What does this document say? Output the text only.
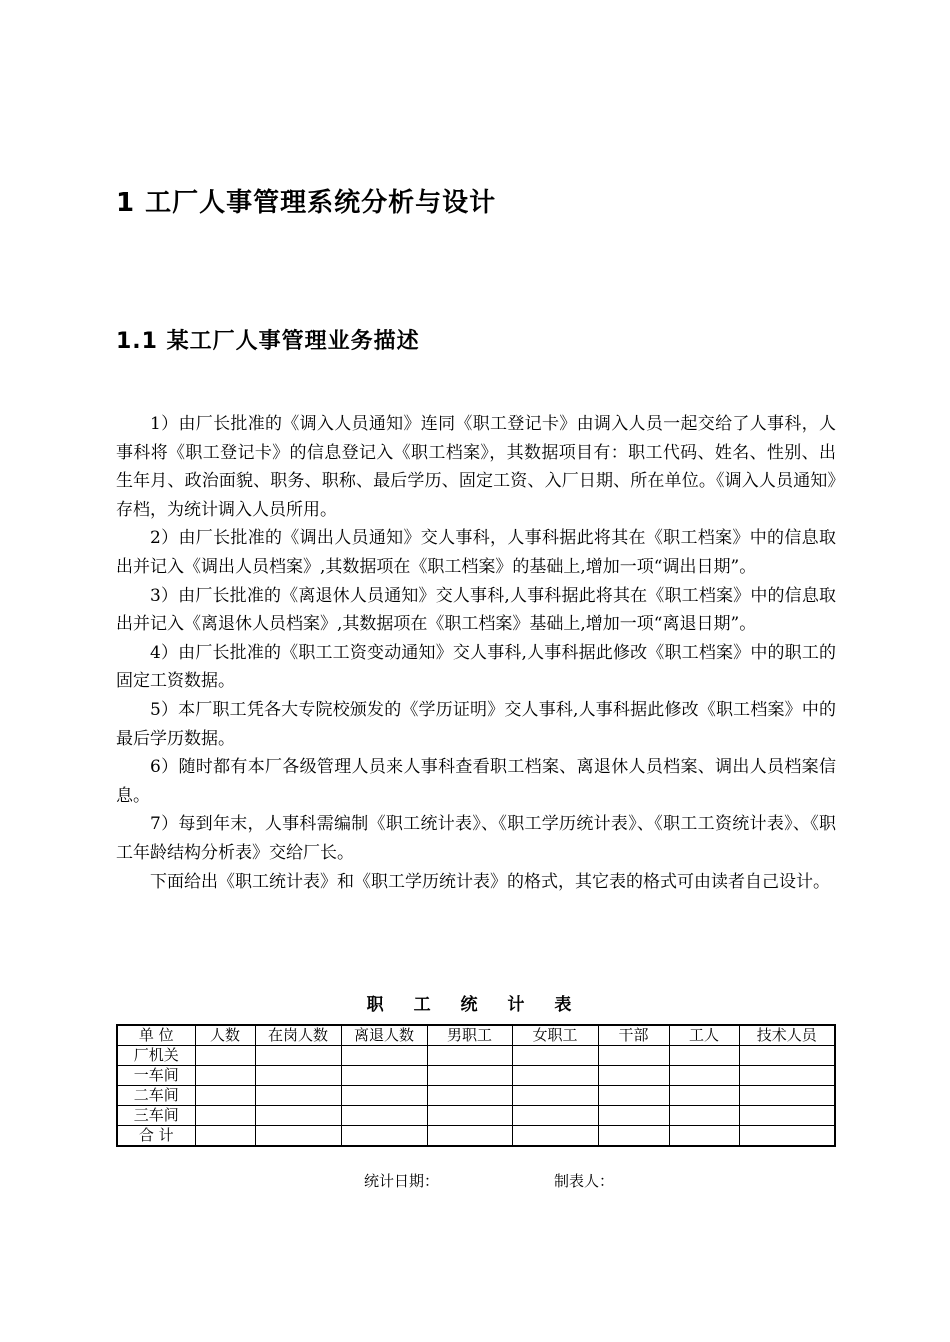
1 工厂人事管理系统分析与设计
1.1 某工厂人事管理业务描述

1）由厂长批准的《调入人员通知》连同《职工登记卡》由调入人员一起交给了人事科，人事科将《职工登记卡》的信息登记入《职工档案》，其数据项目有：职工代码、姓名、性别、出生年月、政治面貌、职务、职称、最后学历、固定工资、入厂日期、所在单位。《调入人员通知》存档，为统计调入人员所用。

2）由厂长批准的《调出人员通知》交人事科，人事科据此将其在《职工档案》中的信息取出并记入《调出人员档案》,其数据项在《职工档案》的基础上,增加一项“调出日期”。

3）由厂长批准的《离退休人员通知》交人事科,人事科据此将其在《职工档案》中的信息取出并记入《离退休人员档案》,其数据项在《职工档案》基础上,增加一项“离退日期”。

4）由厂长批准的《职工工资变动通知》交人事科,人事科据此修改《职工档案》中的职工的固定工资数据。

5）本厂职工凭各大专院校颁发的《学历证明》交人事科,人事科据此修改《职工档案》中的最后学历数据。

6）随时都有本厂各级管理人员来人事科查看职工档案、离退休人员档案、调出人员档案信息。

7）每到年末，人事科需编制《职工统计表》、《职工学历统计表》、《职工工资统计表》、《职工年龄结构分析表》交给厂长。

下面给出《职工统计表》和《职工学历统计表》的格式，其它表的格式可由读者自己设计。

职 工 统 计 表
单 位	人数	在岗人数	离退人数	男职工	女职工	干部	工人	技术人员
厂机关								
一车间								
二车间								
三车间								
合 计								
统计日期：	制表人：
